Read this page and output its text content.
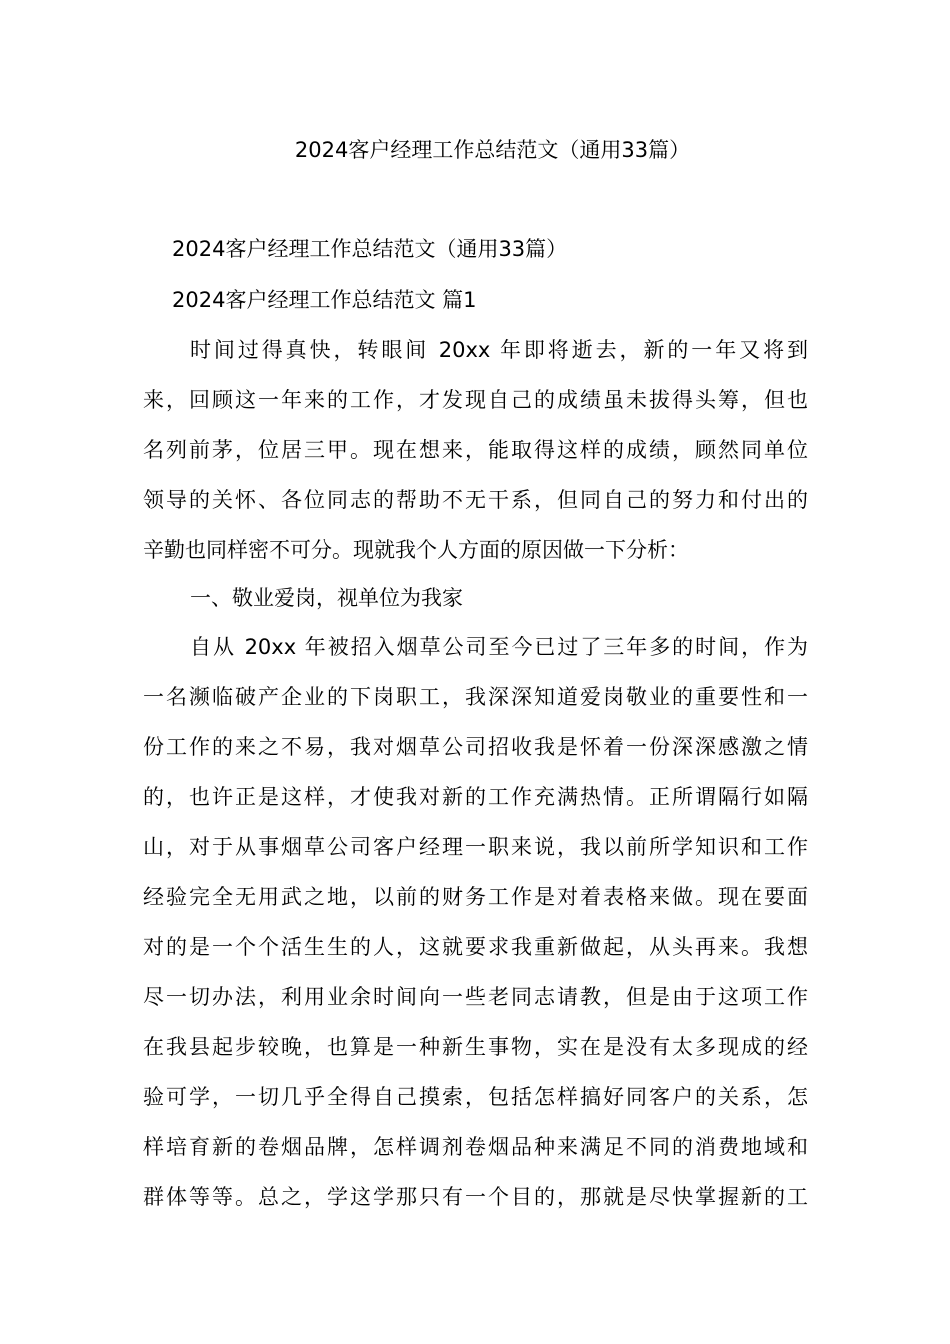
2024客户经理工作总结范文（通用33篇）

2024客户经理工作总结范文（通用33篇）

2024客户经理工作总结范文 篇1

时间过得真快，转眼间 20xx 年即将逝去，新的一年又将到
来，回顾这一年来的工作，才发现自己的成绩虽未拔得头筹，但也
名列前茅，位居三甲。现在想来，能取得这样的成绩，顾然同单位
领导的关怀、各位同志的帮助不无干系，但同自己的努力和付出的
辛勤也同样密不可分。现就我个人方面的原因做一下分析：

一、敬业爱岗，视单位为我家

自从 20xx 年被招入烟草公司至今已过了三年多的时间，作为
一名濒临破产企业的下岗职工，我深深知道爱岗敬业的重要性和一
份工作的来之不易，我对烟草公司招收我是怀着一份深深感激之情
的，也许正是这样，才使我对新的工作充满热情。正所谓隔行如隔
山，对于从事烟草公司客户经理一职来说，我以前所学知识和工作
经验完全无用武之地，以前的财务工作是对着表格来做。现在要面
对的是一个个活生生的人，这就要求我重新做起，从头再来。我想
尽一切办法，利用业余时间向一些老同志请教，但是由于这项工作
在我县起步较晚，也算是一种新生事物，实在是没有太多现成的经
验可学，一切几乎全得自己摸索，包括怎样搞好同客户的关系，怎
样培育新的卷烟品牌，怎样调剂卷烟品种来满足不同的消费地域和
群体等等。总之，学这学那只有一个目的，那就是尽快掌握新的工
